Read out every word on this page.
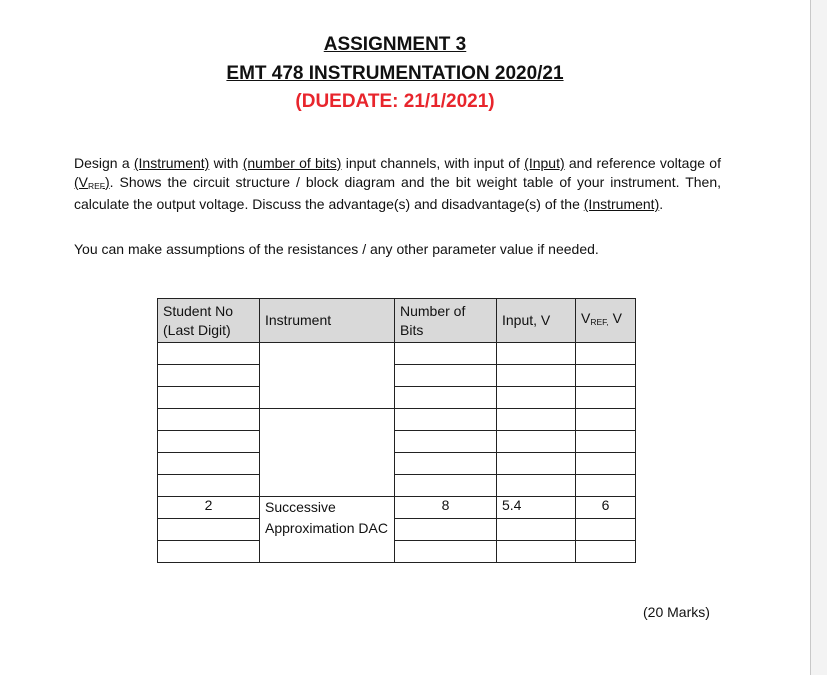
ASSIGNMENT 3
EMT 478 INSTRUMENTATION 2020/21
(DUEDATE: 21/1/2021)
Design a (Instrument) with (number of bits) input channels, with input of (Input) and reference voltage of $(V_{REF})$. Shows the circuit structure / block diagram and the bit weight table of your instrument. Then, calculate the output voltage. Discuss the advantage(s) and disadvantage(s) of the (Instrument).
You can make assumptions of the resistances / any other parameter value if needed.
Student No (Last Digit)	Instrument	Number of Bits	Input, V	$V_{REF,}$ V

2	Successive Approximation DAC	8	5.4	6

(20 Marks)
